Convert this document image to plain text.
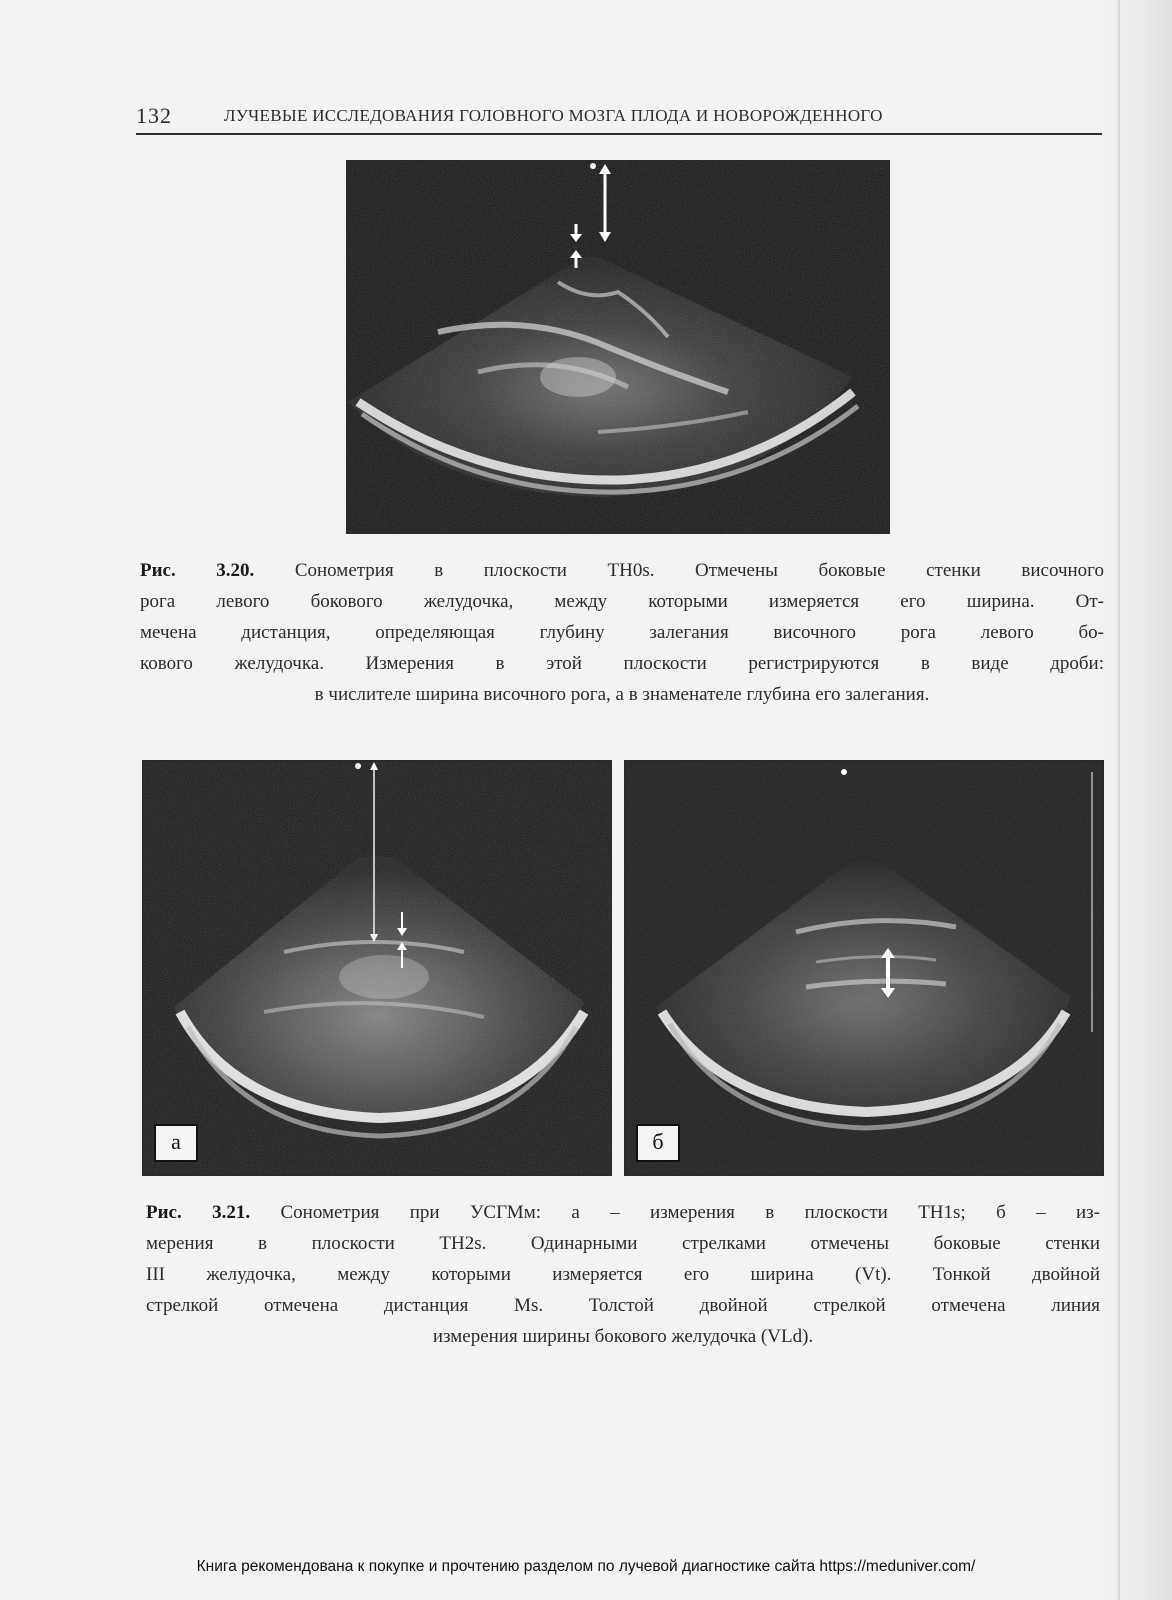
132	ЛУЧЕВЫЕ ИССЛЕДОВАНИЯ ГОЛОВНОГО МОЗГА ПЛОДА И НОВОРОЖДЕННОГО
Рис. 3.20. Сонометрия в плоскости TH0s. Отмечены боковые стенки височного
рога левого бокового желудочка, между которыми измеряется его ширина. От-
мечена дистанция, определяющая глубину залегания височного рога левого бо-
кового желудочка. Измерения в этой плоскости регистрируются в виде дроби:
в числителе ширина височного рога, а в знаменателе глубина его залегания.
а	б
Рис. 3.21. Сонометрия при УСГМм: а – измерения в плоскости TH1s; б – из-
мерения в плоскости TH2s. Одинарными стрелками отмечены боковые стенки
III желудочка, между которыми измеряется его ширина (Vt). Тонкой двойной
стрелкой отмечена дистанция Ms. Толстой двойной стрелкой отмечена линия
измерения ширины бокового желудочка (VLd).
Книга рекомендована к покупке и прочтению разделом по лучевой диагностике сайта https://meduniver.com/
